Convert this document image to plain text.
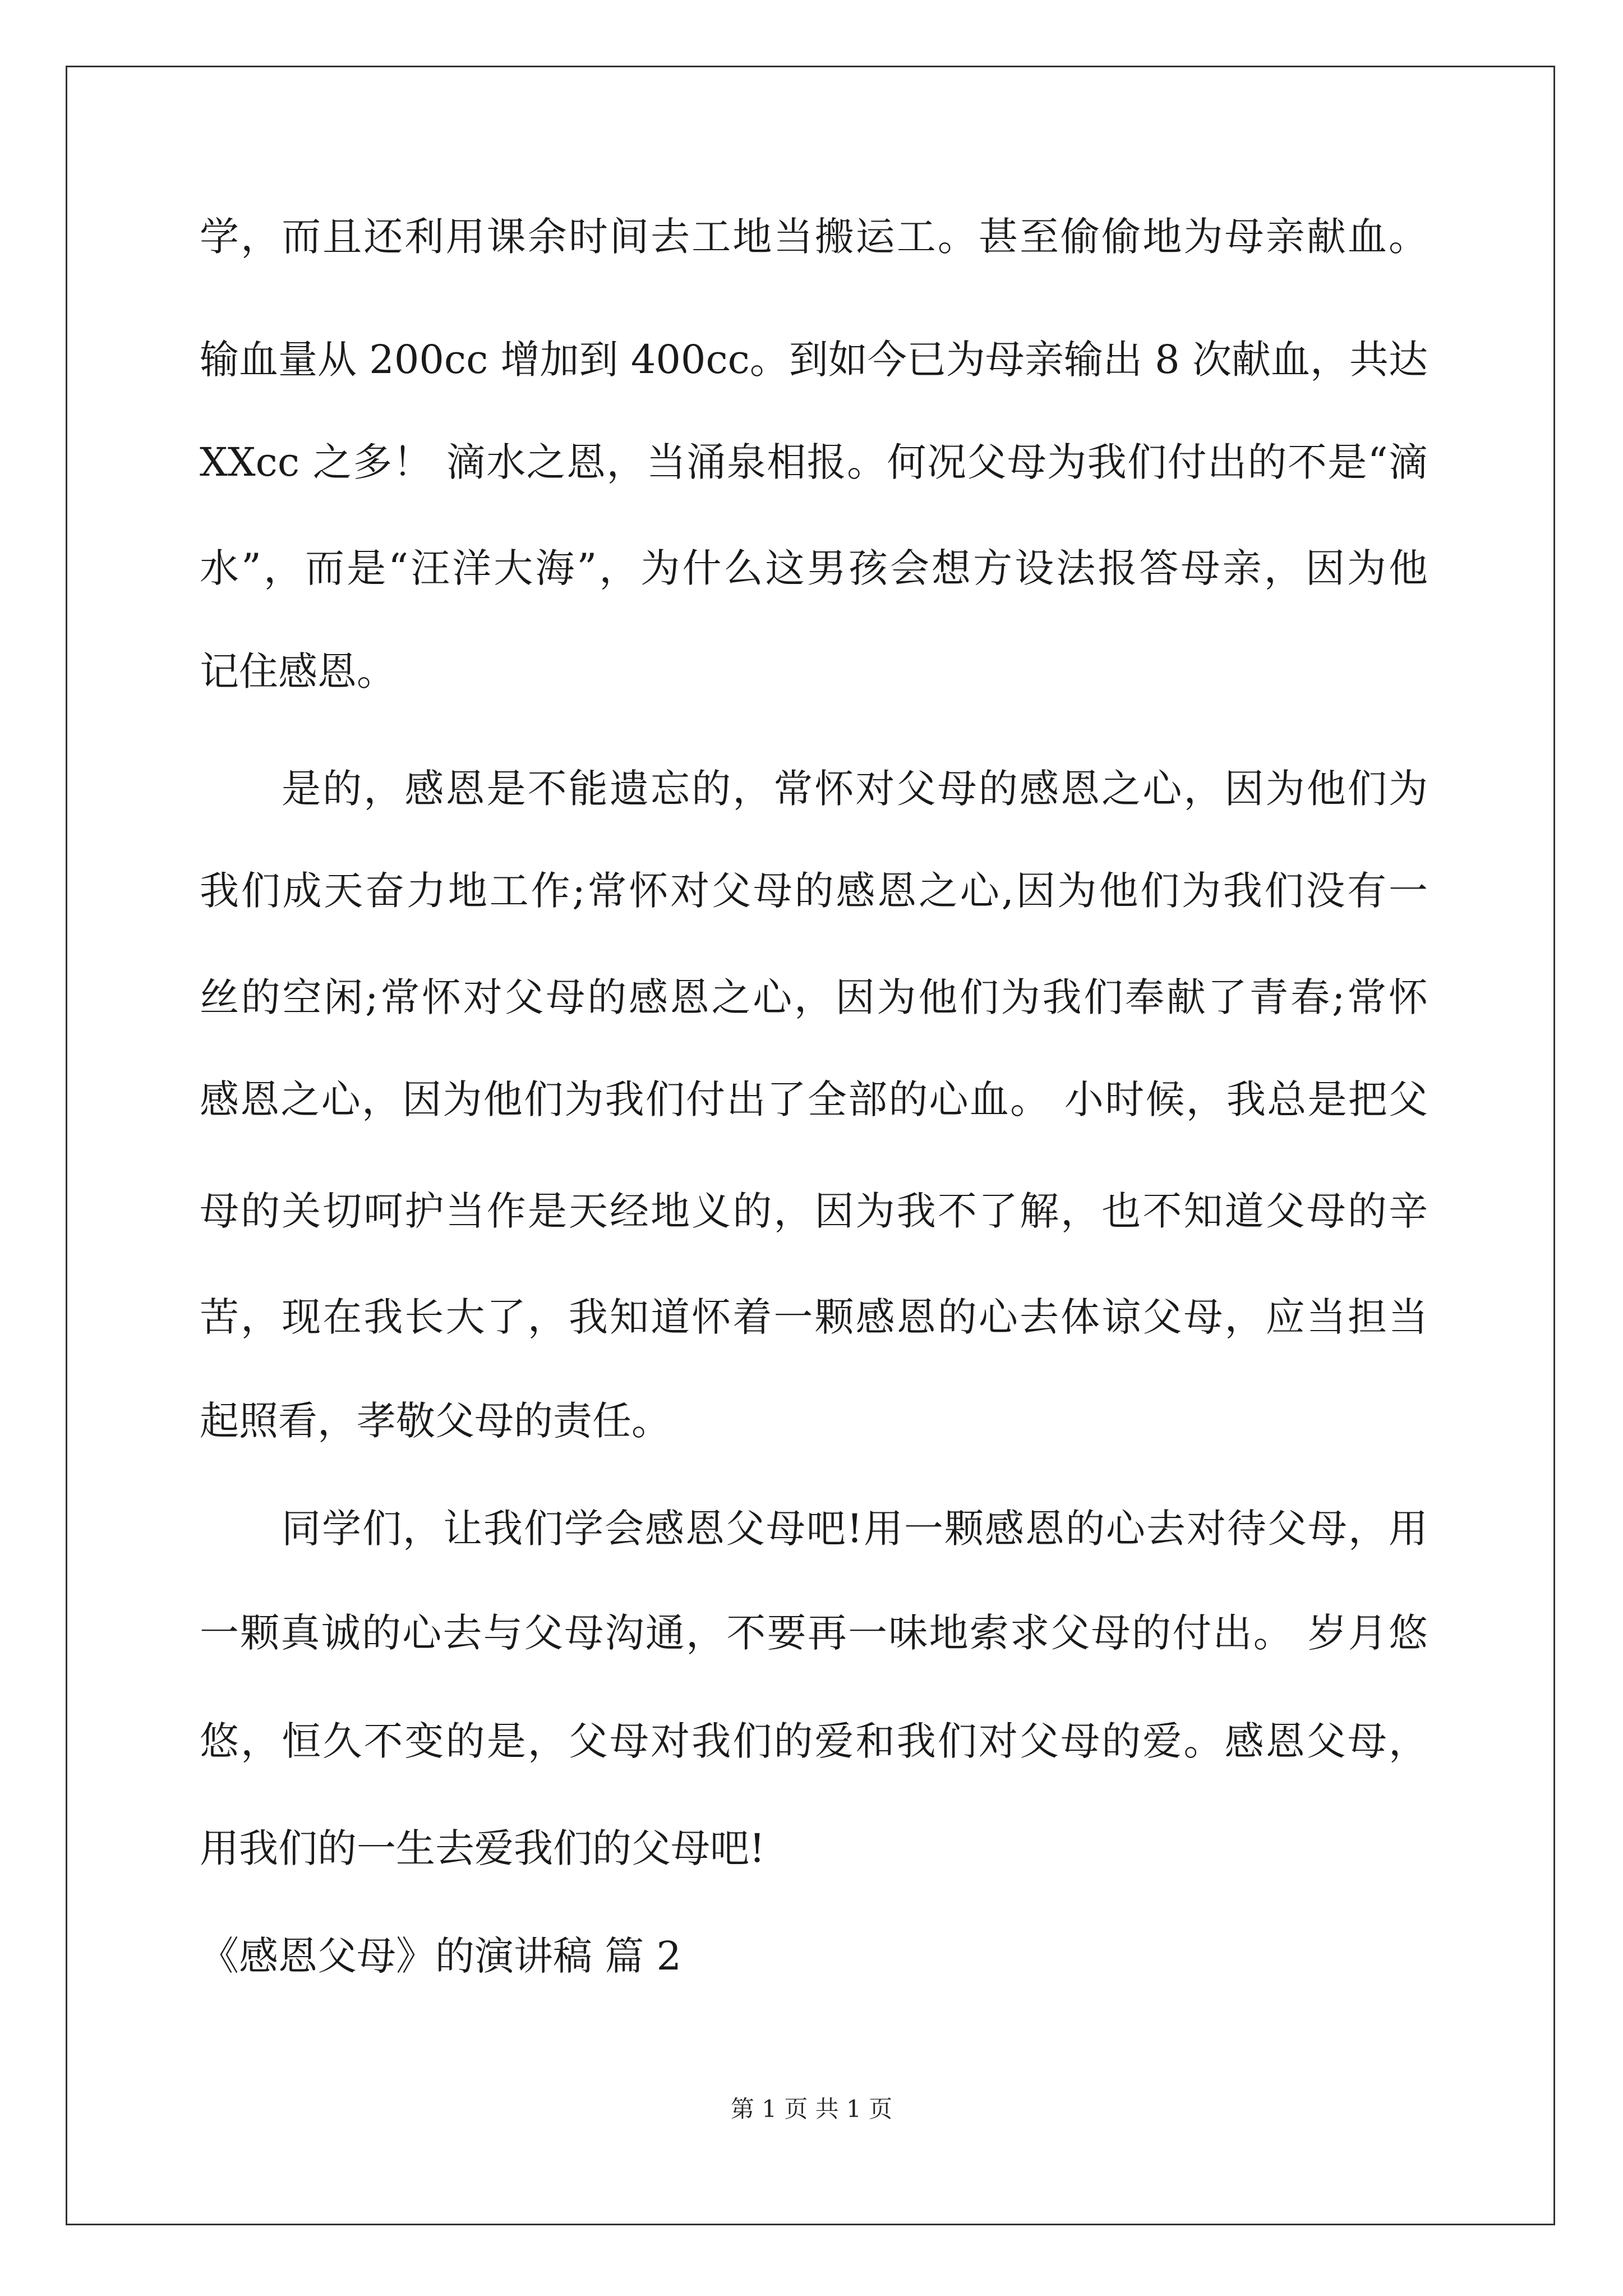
学，而且还利用课余时间去工地当搬运工。甚至偷偷地为母亲献血。
输血量从 200cc 增加到 400cc。到如今已为母亲输出 8 次献血，共达
XXcc 之多！ 滴水之恩，当涌泉相报。何况父母为我们付出的不是“滴
水”，而是“汪洋大海”，为什么这男孩会想方设法报答母亲，因为他
记住感恩。
是的，感恩是不能遗忘的，常怀对父母的感恩之心，因为他们为
我们成天奋力地工作;常怀对父母的感恩之心,因为他们为我们没有一
丝的空闲;常怀对父母的感恩之心，因为他们为我们奉献了青春;常怀
感恩之心，因为他们为我们付出了全部的心血。 小时候，我总是把父
母的关切呵护当作是天经地义的，因为我不了解，也不知道父母的辛
苦，现在我长大了，我知道怀着一颗感恩的心去体谅父母，应当担当
起照看，孝敬父母的责任。
同学们，让我们学会感恩父母吧!用一颗感恩的心去对待父母，用
一颗真诚的心去与父母沟通，不要再一味地索求父母的付出。 岁月悠
悠，恒久不变的是，父母对我们的爱和我们对父母的爱。感恩父母，
用我们的一生去爱我们的父母吧!
《感恩父母》的演讲稿 篇 2
第 1 页 共 1 页
